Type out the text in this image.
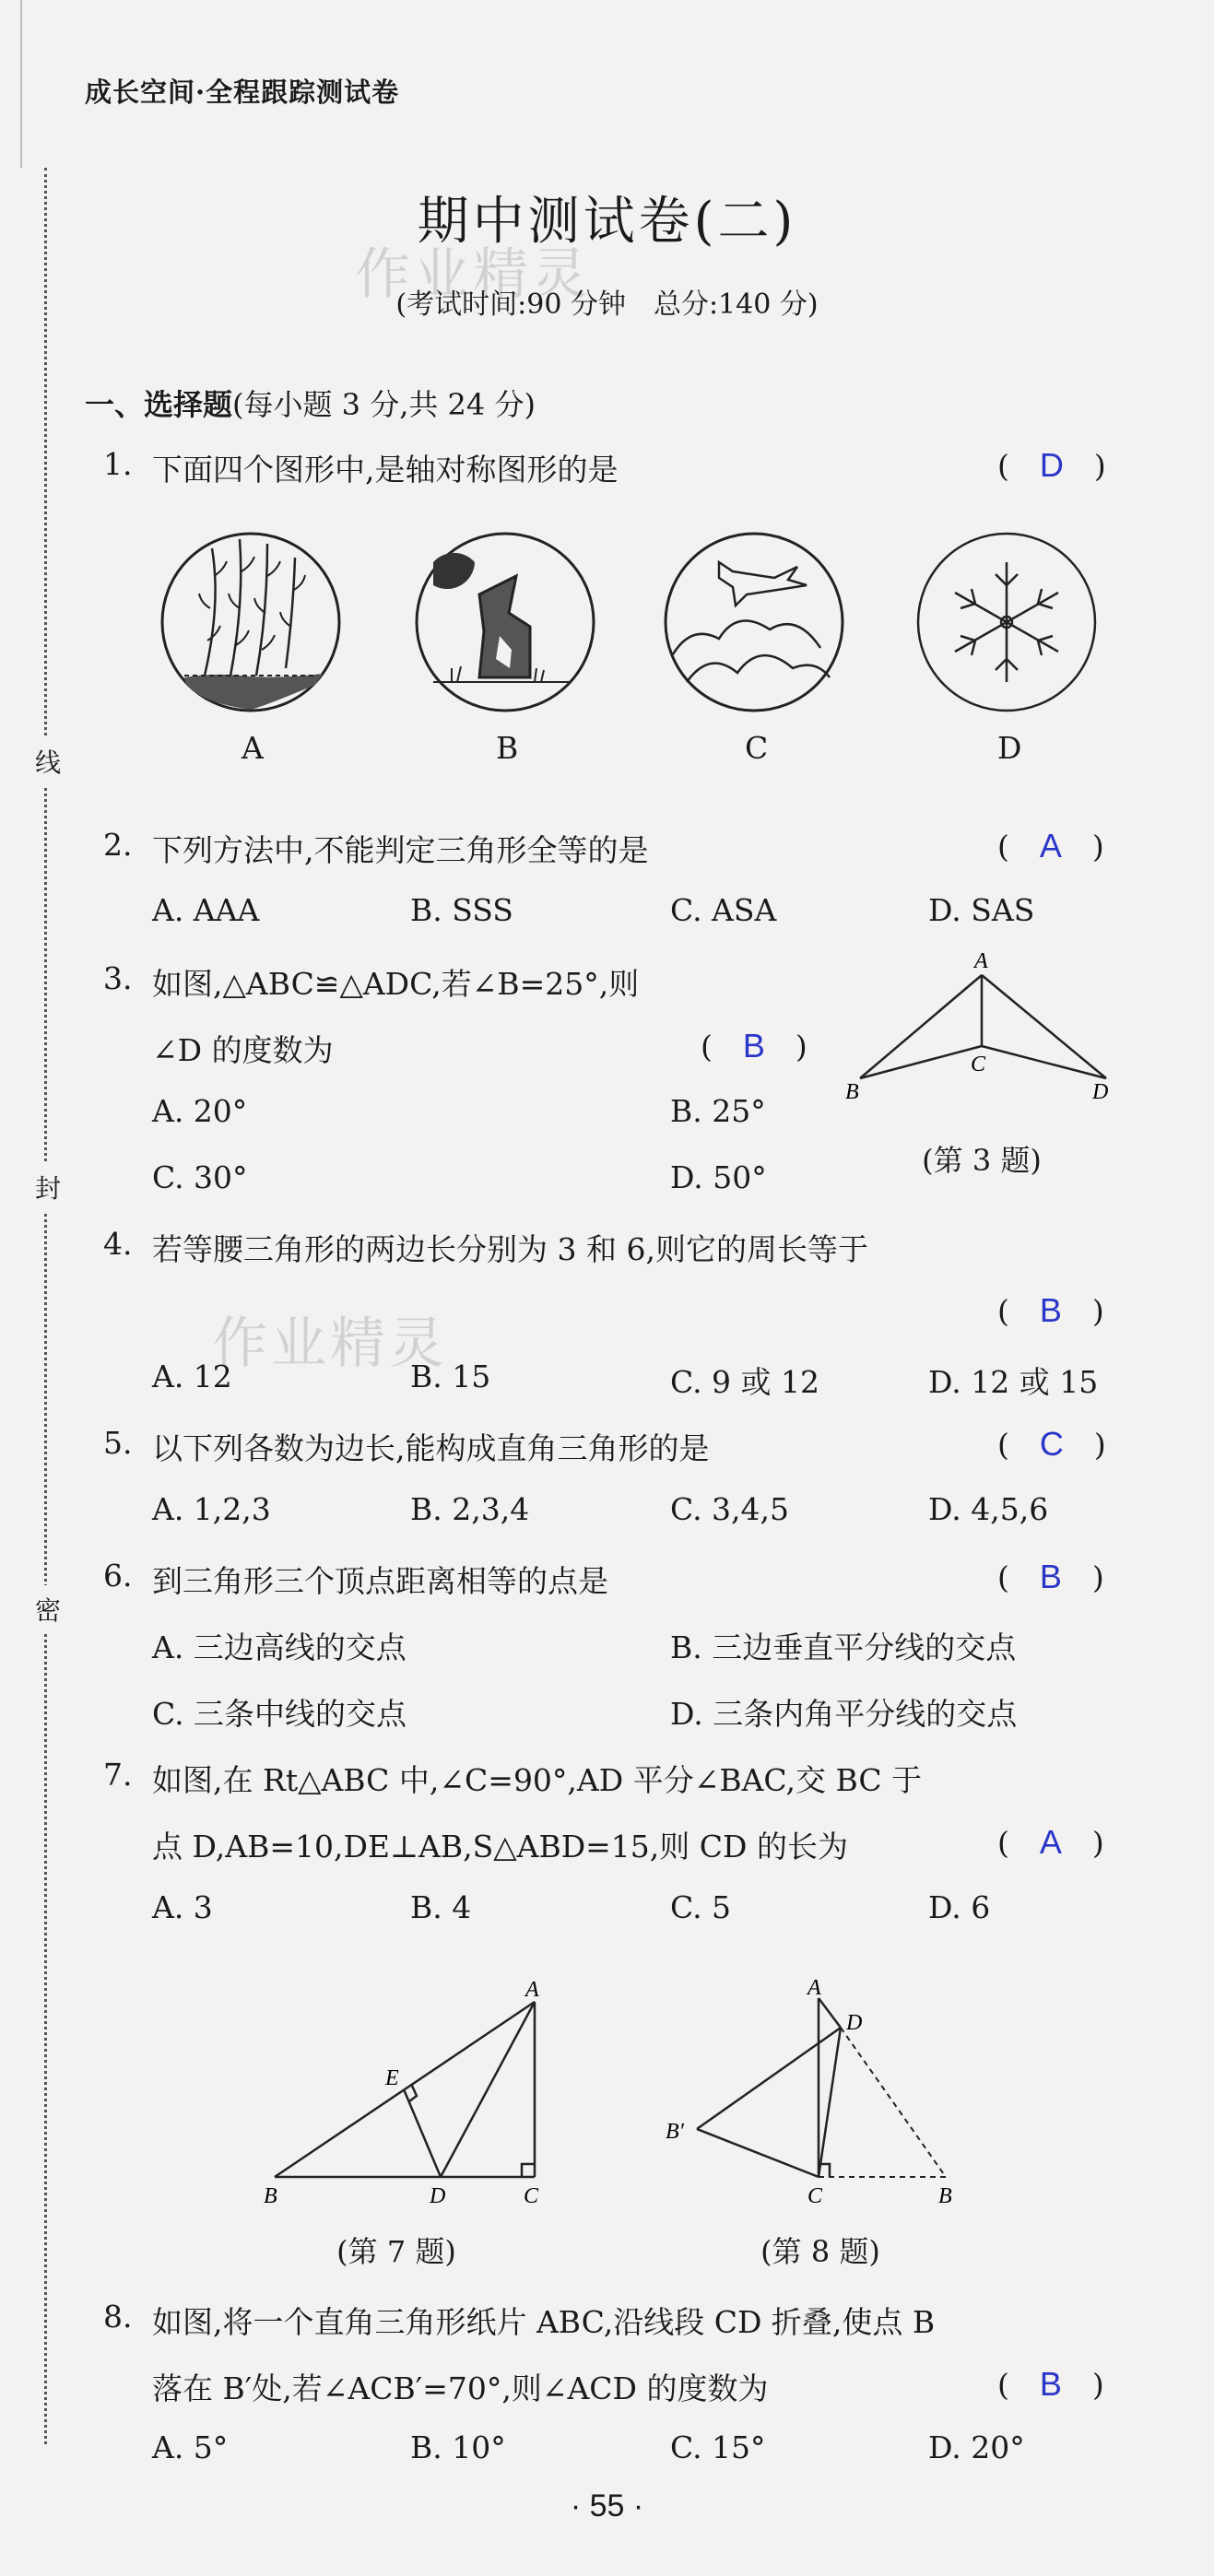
线
封
密
成长空间·全程跟踪测试卷
期中测试卷(二)
作业精灵
(考试时间:90 分钟　总分:140 分)
一、选择题(每小题 3 分,共 24 分)
1. 下面四个图形中,是轴对称图形的是	(　D　)
A	B	C	D
2. 下列方法中,不能判定三角形全等的是	(　A　)
A. AAA	B. SSS	C. ASA	D. SAS
3. 如图,△ABC≌△ADC,若∠B=25°,则
∠D 的度数为	(　B　)
A. 20°	B. 25°
C. 30°	D. 50°
A
B
C
D
(第 3 题)
4. 若等腰三角形的两边长分别为 3 和 6,则它的周长等于
(　B　)
作业精灵
A. 12	B. 15	C. 9 或 12	D. 12 或 15
5. 以下列各数为边长,能构成直角三角形的是	(　C　)
A. 1,2,3	B. 2,3,4	C. 3,4,5	D. 4,5,6
6. 到三角形三个顶点距离相等的点是	(　B　)
A. 三边高线的交点	B. 三边垂直平分线的交点
C. 三条中线的交点	D. 三条内角平分线的交点
7. 如图,在 Rt△ABC 中,∠C=90°,AD 平分∠BAC,交 BC 于
点 D,AB=10,DE⊥AB,S△ABD=15,则 CD 的长为	(　A　)
A. 3	B. 4	C. 5	D. 6
A
B	C
D
E
(第 7 题)
A
B
C
D
B′
(第 8 题)
8. 如图,将一个直角三角形纸片 ABC,沿线段 CD 折叠,使点 B
落在 B′处,若∠ACB′=70°,则∠ACD 的度数为	(　B　)
A. 5°	B. 10°	C. 15°	D. 20°
· 55 ·
